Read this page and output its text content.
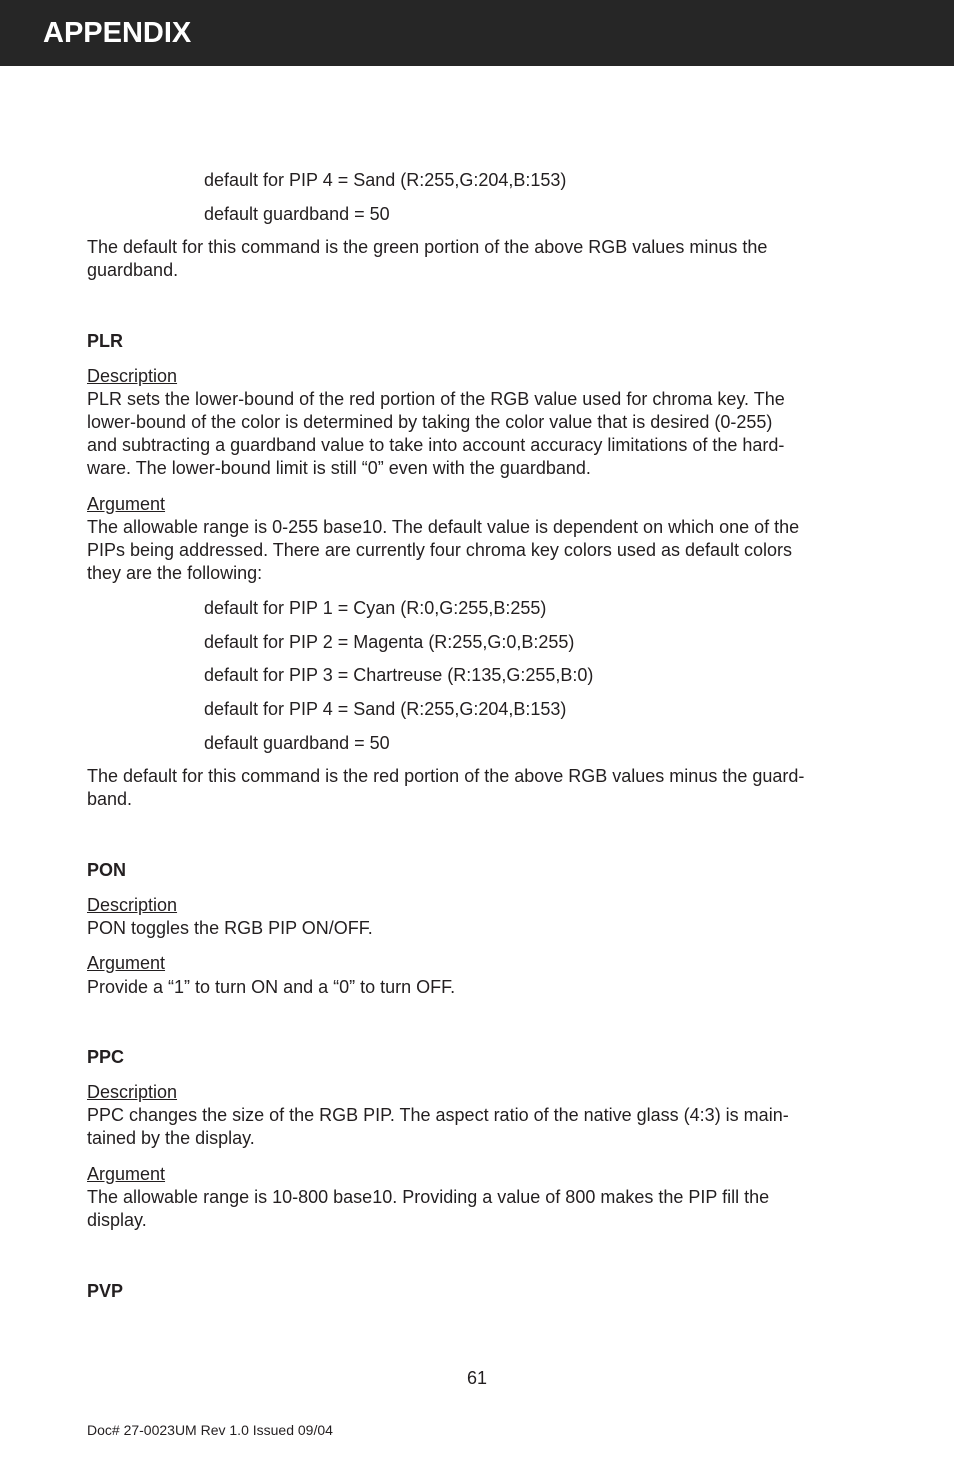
APPENDIX
default for PIP 4 = Sand (R:255,G:204,B:153)
default guardband = 50
The default for this command is the green portion of the above RGB values minus the
guardband.
PLR
Description
PLR sets the lower-bound of the red portion of the RGB value used for chroma key. The
lower-bound of the color is determined by taking the color value that is desired (0-255)
and subtracting a guardband value to take into account accuracy limitations of the hard-
ware. The lower-bound limit is still “0” even with the guardband.
Argument
The allowable range is 0-255 base10. The default value is dependent on which one of the
PIPs being addressed. There are currently four chroma key colors used as default colors
they are the following:
default for PIP 1 = Cyan (R:0,G:255,B:255)
default for PIP 2 = Magenta (R:255,G:0,B:255)
default for PIP 3 = Chartreuse (R:135,G:255,B:0)
default for PIP 4 = Sand (R:255,G:204,B:153)
default guardband = 50
The default for this command is the red portion of the above RGB values minus the guard-
band.
PON
Description
PON toggles the RGB PIP ON/OFF.
Argument
Provide a “1” to turn ON and a “0” to turn OFF.
PPC
Description
PPC changes the size of the RGB PIP. The aspect ratio of the native glass (4:3) is main-
tained by the display.
Argument
The allowable range is 10-800 base10. Providing a value of 800 makes the PIP fill the
display.
PVP
61
Doc# 27-0023UM Rev 1.0 Issued 09/04
